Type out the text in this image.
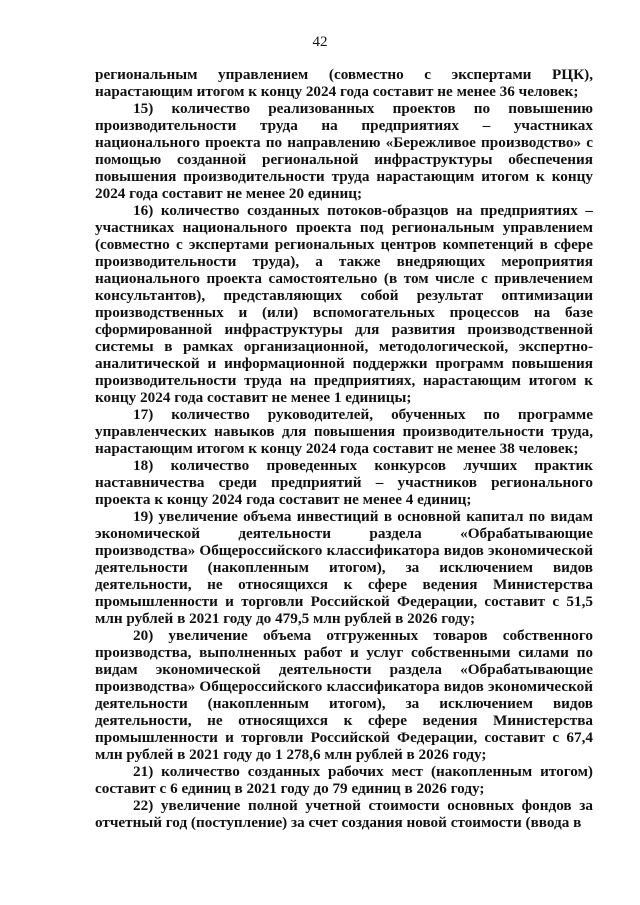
42

региональным управлением (совместно с экспертами РЦК), нарастающим итогом к концу 2024 года составит не менее 36 человек;

15) количество реализованных проектов по повышению производительности труда на предприятиях – участниках национального проекта по направлению «Бережливое производство» с помощью созданной региональной инфраструктуры обеспечения повышения производительности труда нарастающим итогом к концу 2024 года составит не менее 20 единиц;

16) количество созданных потоков-образцов на предприятиях – участниках национального проекта под региональным управлением (совместно с экспертами региональных центров компетенций в сфере производительности труда), а также внедряющих мероприятия национального проекта самостоятельно (в том числе с привлечением консультантов), представляющих собой результат оптимизации производственных и (или) вспомогательных процессов на базе сформированной инфраструктуры для развития производственной системы в рамках организационной, методологической, экспертно-аналитической и информационной поддержки программ повышения производительности труда на предприятиях, нарастающим итогом к концу 2024 года составит не менее 1 единицы;

17) количество руководителей, обученных по программе управленческих навыков для повышения производительности труда, нарастающим итогом к концу 2024 года составит не менее 38 человек;

18) количество проведенных конкурсов лучших практик наставничества среди предприятий – участников регионального проекта к концу 2024 года составит не менее 4 единиц;

19) увеличение объема инвестиций в основной капитал по видам экономической деятельности раздела «Обрабатывающие производства» Общероссийского классификатора видов экономической деятельности (накопленным итогом), за исключением видов деятельности, не относящихся к сфере ведения Министерства промышленности и торговли Российской Федерации, составит с 51,5 млн рублей в 2021 году до 479,5 млн рублей в 2026 году;

20) увеличение объема отгруженных товаров собственного производства, выполненных работ и услуг собственными силами по видам экономической деятельности раздела «Обрабатывающие производства» Общероссийского классификатора видов экономической деятельности (накопленным итогом), за исключением видов деятельности, не относящихся к сфере ведения Министерства промышленности и торговли Российской Федерации, составит с 67,4 млн рублей в 2021 году до 1 278,6 млн рублей в 2026 году;

21) количество созданных рабочих мест (накопленным итогом) составит с 6 единиц в 2021 году до 79 единиц в 2026 году;

22) увеличение полной учетной стоимости основных фондов за отчетный год (поступление) за счет создания новой стоимости (ввода в
